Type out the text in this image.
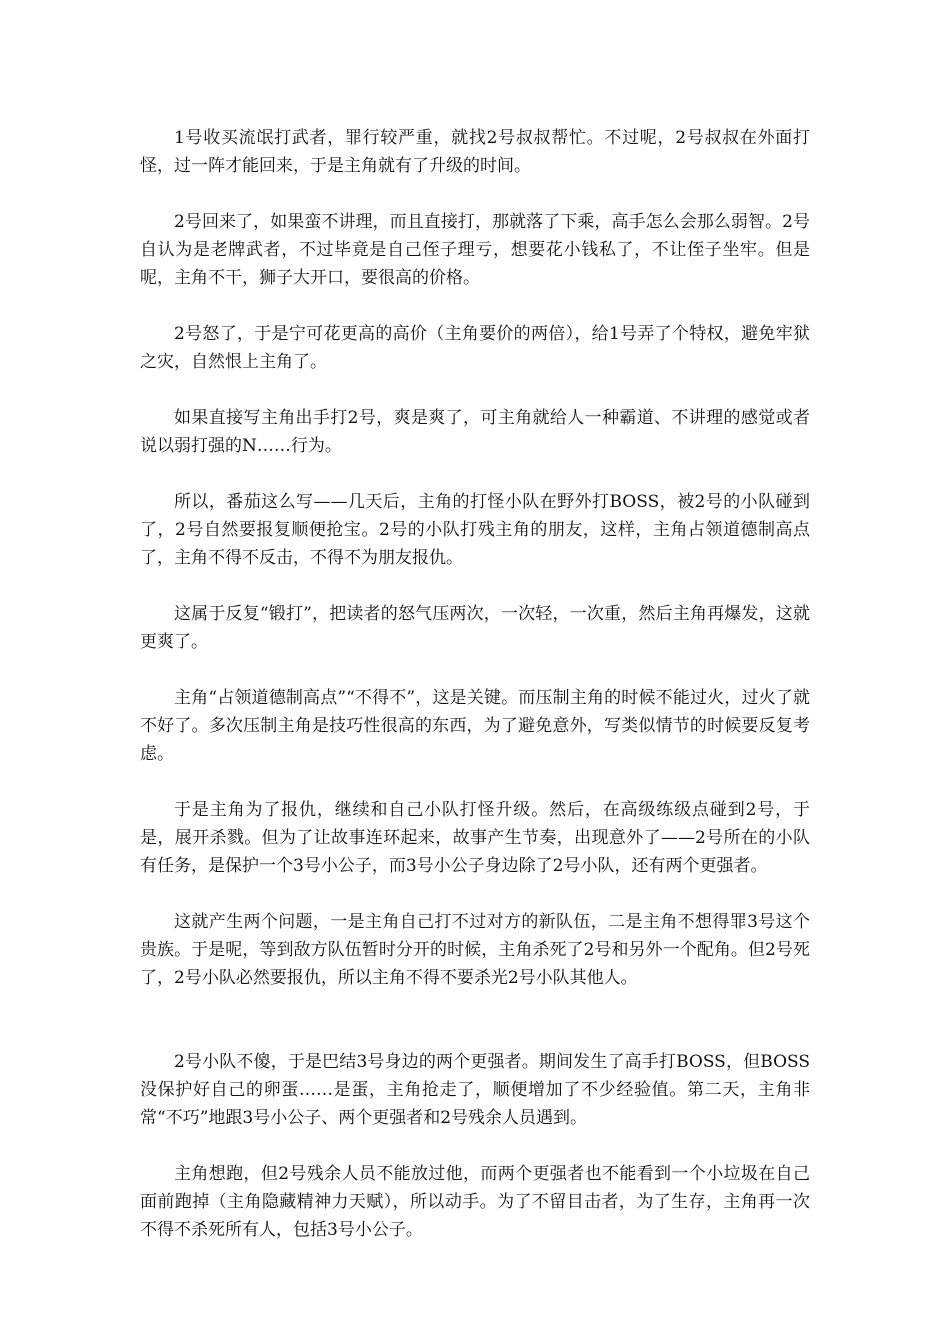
1号收买流氓打武者，罪行较严重，就找2号叔叔帮忙。不过呢，2号叔叔在外面打怪，过一阵才能回来，于是主角就有了升级的时间。

2号回来了，如果蛮不讲理，而且直接打，那就落了下乘，高手怎么会那么弱智。2号自认为是老牌武者，不过毕竟是自己侄子理亏，想要花小钱私了，不让侄子坐牢。但是呢，主角不干，狮子大开口，要很高的价格。

2号怒了，于是宁可花更高的高价（主角要价的两倍），给1号弄了个特权，避免牢狱之灾，自然恨上主角了。

如果直接写主角出手打2号，爽是爽了，可主角就给人一种霸道、不讲理的感觉或者说以弱打强的N……行为。

所以，番茄这么写——几天后，主角的打怪小队在野外打BOSS，被2号的小队碰到了，2号自然要报复顺便抢宝。2号的小队打残主角的朋友，这样，主角占领道德制高点了，主角不得不反击，不得不为朋友报仇。

这属于反复“锻打”，把读者的怒气压两次，一次轻，一次重，然后主角再爆发，这就更爽了。

主角“占领道德制高点”“不得不”，这是关键。而压制主角的时候不能过火，过火了就不好了。多次压制主角是技巧性很高的东西，为了避免意外，写类似情节的时候要反复考虑。

于是主角为了报仇，继续和自己小队打怪升级。然后，在高级练级点碰到2号，于是，展开杀戮。但为了让故事连环起来，故事产生节奏，出现意外了——2号所在的小队有任务，是保护一个3号小公子，而3号小公子身边除了2号小队，还有两个更强者。

这就产生两个问题，一是主角自己打不过对方的新队伍，二是主角不想得罪3号这个贵族。于是呢，等到敌方队伍暂时分开的时候，主角杀死了2号和另外一个配角。但2号死了，2号小队必然要报仇，所以主角不得不要杀光2号小队其他人。

2号小队不傻，于是巴结3号身边的两个更强者。期间发生了高手打BOSS，但BOSS没保护好自己的卵蛋……是蛋，主角抢走了，顺便增加了不少经验值。第二天，主角非常“不巧”地跟3号小公子、两个更强者和2号残余人员遇到。

主角想跑，但2号残余人员不能放过他，而两个更强者也不能看到一个小垃圾在自己面前跑掉（主角隐藏精神力天赋），所以动手。为了不留目击者，为了生存，主角再一次不得不杀死所有人，包括3号小公子。
